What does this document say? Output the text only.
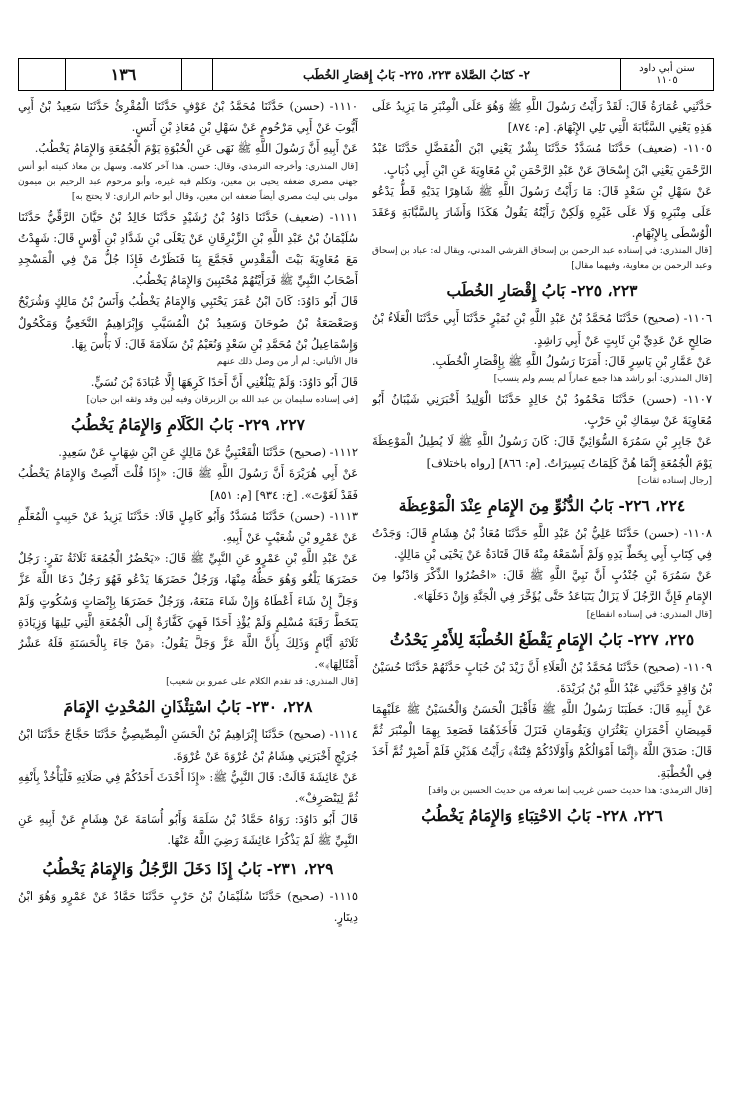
١٣٦	٢- كتَابُ الصَّلاة ٢٢٣، ٢٢٥- بَابُ إِقصَارِ الخُطَب	سنن أبي داود
١١٠٥

حَدَّثَنِي عُمَارَةُ قَالَ: لَقَدْ رَأَيْتُ رَسُولَ اللَّهِ ﷺ وَهُوَ عَلَى الْمِنْبَرِ مَا يَزِيدُ عَلَى هَذِهِ يَعْنِي السَّبَّابَةَ الَّتِي تَلِي الإِبْهَامَ. [م: ٨٧٤]

١١٠٥- (ضعيف) حَدَّثَنَا مُسَدَّدٌ حَدَّثَنَا بِشْرٌ يَعْنِي ابْنَ الْمُفَضَّلِ حَدَّثَنَا عَبْدُ الرَّحْمَنِ يَعْنِي ابْنَ إِسْحَاقَ عَنْ عَبْدِ الرَّحْمَنِ بْنِ مُعَاوِيَةَ عَنِ ابْنِ أَبِي ذُبَابٍ.

عَنْ سَهْلِ بْنِ سَعْدٍ قَالَ: مَا رَأَيْتُ رَسُولَ اللَّهِ ﷺ شَاهِرًا يَدَيْهِ قَطُّ يَدْعُو عَلَى مِنْبَرِهِ وَلَا عَلَى غَيْرِهِ وَلَكِنْ رَأَيْتُهُ يَقُولُ هَكَذَا وَأَشَارَ بِالسَّبَّابَةِ وَعَقَدَ الْوُسْطَى بِالإِبْهَامِ.

[قال المنذري: في إسناده عبد الرحمن بن إسحاق القرشي المدني، ويقال له: عباد بن إسحاق وعبد الرحمن بن معاوية، وفيهما مقال]

٢٢٣، ٢٢٥- بَابُ إِقْصَارِ الخُطَب

١١٠٦- (صحيح) حَدَّثَنَا مُحَمَّدُ بْنُ عَبْدِ اللَّهِ بْنِ نُمَيْرٍ حَدَّثَنَا أَبِي حَدَّثَنَا الْعَلَاءُ بْنُ صَالِحٍ عَنْ عَدِيِّ بْنِ ثَابِتٍ عَنْ أَبِي رَاشِدٍ.

عَنْ عَمَّارِ بْنِ يَاسِرٍ قَالَ: أَمَرَنَا رَسُولُ اللَّهِ ﷺ بِإِقْصَارِ الْخُطَبِ.

[قال المنذري: أبو راشد هذا جمع عماراً لم يسم ولم ينسب]

١١٠٧- (حسن) حَدَّثَنَا مَحْمُودُ بْنُ خَالِدٍ حَدَّثَنَا الْوَلِيدُ أَخْبَرَنِي شَيْبَانُ أَبُو مُعَاوِيَةَ عَنْ سِمَاكِ بْنِ حَرْبٍ.

عَنْ جَابِرِ بْنِ سَمُرَةَ السُّوَائِيِّ قَالَ: كَانَ رَسُولُ اللَّهِ ﷺ لَا يُطِيلُ الْمَوْعِظَةَ يَوْمَ الْجُمُعَةِ إِنَّمَا هُنَّ كَلِمَاتٌ يَسِيرَاتٌ. [م: ٨٦٦] [رواه باختلاف]

[رجال إسناده ثقات]

٢٢٤، ٢٢٦- بَابُ الدُّنُوِّ مِنَ الإِمَامِ عِنْدَ الْمَوْعِظَة

١١٠٨- (حسن) حَدَّثَنَا عَلِيُّ بْنُ عَبْدِ اللَّهِ حَدَّثَنَا مُعَاذُ بْنُ هِشَامٍ قَالَ: وَجَدْتُ فِي كِتَابِ أَبِي بِخَطِّ يَدِهِ وَلَمْ أَسْمَعْهُ مِنْهُ قَالَ قَتَادَةُ عَنْ يَحْيَى بْنِ مَالِكٍ.

عَنْ سَمُرَةَ بْنِ جُنْدُبٍ أَنَّ نَبِيَّ اللَّهِ ﷺ قَالَ: «احْضُرُوا الذِّكْرَ وَادْنُوا مِنَ الإِمَامِ فَإِنَّ الرَّجُلَ لَا يَزَالُ يَتَبَاعَدُ حَتَّى يُؤَخَّرَ فِي الْجَنَّةِ وَإِنْ دَخَلَهَا».

[قال المنذري: في إسناده انقطاع]

٢٢٥، ٢٢٧- بَابُ الإِمَامِ يَقْطَعُ الخُطْبَةَ لِلأَمْرِ يَحْدُثُ

١١٠٩- (صحيح) حَدَّثَنَا مُحَمَّدُ بْنُ الْعَلَاءِ أَنَّ زَيْدَ بْنَ حُبَابٍ حَدَّثَهُمْ حَدَّثَنَا حُسَيْنُ بْنُ وَاقِدٍ حَدَّثَنِي عَبْدُ اللَّهِ بْنُ بُرَيْدَةَ.

عَنْ أَبِيهِ قَالَ: خَطَبَنَا رَسُولُ اللَّهِ ﷺ فَأَقْبَلَ الْحَسَنُ وَالْحُسَيْنُ ﷺ عَلَيْهِمَا قَمِيصَانِ أَحْمَرَانِ يَعْثُرَانِ وَيَقُومَانِ فَنَزَلَ فَأَخَذَهُمَا فَصَعِدَ بِهِمَا الْمِنْبَرَ ثُمَّ قَالَ: صَدَقَ اللَّهُ ﴿إِنَّمَا أَمْوَالُكُمْ وَأَوْلَادُكُمْ فِتْنَةٌ﴾ رَأَيْتُ هَذَيْنِ فَلَمْ أَصْبِرْ ثُمَّ أَخَذَ فِي الْخُطْبَةِ.

[قال الترمذي: هذا حديث حسن غريب إنما نعرفه من حديث الحسين بن واقد]

٢٢٦، ٢٢٨- بَابُ الاحْتِبَاءِ وَالإِمَامُ يَخْطُبُ

١١١٠- (حسن) حَدَّثَنَا مُحَمَّدُ بْنُ عَوْفٍ حَدَّثَنَا الْمُقْرِئُ حَدَّثَنَا سَعِيدُ بْنُ أَبِي أَيُّوبَ عَنْ أَبِي مَرْحُومٍ عَنْ سَهْلِ بْنِ مُعَاذِ بْنِ أَنَسٍ.

عَنْ أَبِيهِ أَنَّ رَسُولَ اللَّهِ ﷺ نَهَى عَنِ الْحُبْوَةِ يَوْمَ الْجُمُعَةِ وَالإِمَامُ يَخْطُبُ.

[قال المنذري: وأخرجه الترمذي، وقال: حسن. هذا آخر كلامه. وسهل بن معاذ كنيته أبو أنس جهني مصري ضعفه يحيى بن معين، وتكلم فيه غيره، وأبو مرحوم عبد الرحيم بن ميمون مولى بني ليث مصري أيضاً ضعفه ابن معين، وقال أبو حاتم الرازي: لا يحتج به]

١١١١- (ضعيف) حَدَّثَنَا دَاوُدُ بْنُ رُشَيْدٍ حَدَّثَنَا خَالِدُ بْنُ حَيَّانَ الرَّقِّيُّ حَدَّثَنَا سُلَيْمَانُ بْنُ عَبْدِ اللَّهِ بْنِ الزِّبْرِقَانِ عَنْ يَعْلَى بْنِ شَدَّادِ بْنِ أَوْسٍ قَالَ: شَهِدْتُ مَعَ مُعَاوِيَةَ بَيْتَ الْمَقْدِسِ فَجَمَّعَ بِنَا فَنَظَرْتُ فَإِذَا جُلُّ مَنْ فِي الْمَسْجِدِ أَصْحَابُ النَّبِيِّ ﷺ فَرَأَيْتُهُمْ مُحْتَبِينَ وَالإِمَامُ يَخْطُبُ.

قَالَ أَبُو دَاوُدَ: كَانَ ابْنُ عُمَرَ يَحْتَبِي وَالإِمَامُ يَخْطُبُ وَأَنَسُ بْنُ مَالِكٍ وَشُرَيْحٌ وَصَعْصَعَةُ بْنُ صُوحَانَ وَسَعِيدُ بْنُ الْمُسَيَّبِ وَإِبْرَاهِيمُ النَّخَعِيُّ وَمَكْحُولٌ وَإِسْمَاعِيلُ بْنُ مُحَمَّدِ بْنِ سَعْدٍ وَنُعَيْمُ بْنُ سَلَامَةَ قَالَ: لَا بَأْسَ بِهَا.

قال الألباني: لم أر من وصل ذلك عنهم

قَالَ أَبُو دَاوُدَ: وَلَمْ يَبْلُغْنِي أَنَّ أَحَدًا كَرِهَهَا إِلَّا عُبَادَةَ بْنَ نُسَيٍّ.

[في إسناده سليمان بن عبد الله بن الزبرقان وفيه لين وقد وثقه ابن حبان]

٢٢٧، ٢٢٩- بَابُ الكَلَامِ وَالإِمَامُ يَخْطُبُ

١١١٢- (صحيح) حَدَّثَنَا الْقَعْنَبِيُّ عَنْ مَالِكٍ عَنِ ابْنِ شِهَابٍ عَنْ سَعِيدٍ.

عَنْ أَبِي هُرَيْرَةَ أَنَّ رَسُولَ اللَّهِ ﷺ قَالَ: «إِذَا قُلْتَ أَنْصِتْ وَالإِمَامُ يَخْطُبُ فَقَدْ لَغَوْتَ». [خ: ٩٣٤] [م: ٨٥١]

١١١٣- (حسن) حَدَّثَنَا مُسَدَّدٌ وَأَبُو كَامِلٍ قَالَا: حَدَّثَنَا يَزِيدُ عَنْ حَبِيبٍ الْمُعَلِّمِ عَنْ عَمْرِو بْنِ شُعَيْبٍ عَنْ أَبِيهِ.

عَنْ عَبْدِ اللَّهِ بْنِ عَمْرٍو عَنِ النَّبِيِّ ﷺ قَالَ: «يَحْضُرُ الْجُمُعَةَ ثَلَاثَةُ نَفَرٍ: رَجُلٌ حَضَرَهَا يَلْغُو وَهُوَ حَظُّهُ مِنْهَا، وَرَجُلٌ حَضَرَهَا يَدْعُو فَهُوَ رَجُلٌ دَعَا اللَّهَ عَزَّ وَجَلَّ إِنْ شَاءَ أَعْطَاهُ وَإِنْ شَاءَ مَنَعَهُ، وَرَجُلٌ حَضَرَهَا بِإِنْصَاتٍ وَسُكُوتٍ وَلَمْ يَتَخَطَّ رَقَبَةَ مُسْلِمٍ وَلَمْ يُؤْذِ أَحَدًا فَهِيَ كَفَّارَةٌ إِلَى الْجُمُعَةِ الَّتِي تَلِيهَا وَزِيَادَةِ ثَلَاثَةِ أَيَّامٍ وَذَلِكَ بِأَنَّ اللَّهَ عَزَّ وَجَلَّ يَقُولُ: ﴿مَنْ جَاءَ بِالْحَسَنَةِ فَلَهُ عَشْرُ أَمْثَالِهَا﴾».

[قال المنذري: قد تقدم الكلام على عمرو بن شعيب]

٢٢٨، ٢٣٠- بَابُ اسْتِئْذَانِ المُحْدِثِ الإِمَامَ

١١١٤- (صحيح) حَدَّثَنَا إِبْرَاهِيمُ بْنُ الْحَسَنِ الْمِصِّيصِيُّ حَدَّثَنَا حَجَّاجٌ حَدَّثَنَا ابْنُ جُرَيْجٍ أَخْبَرَنِي هِشَامُ بْنُ عُرْوَةَ عَنْ عُرْوَةَ.

عَنْ عَائِشَةَ قَالَتْ: قَالَ النَّبِيُّ ﷺ: «إِذَا أَحْدَثَ أَحَدُكُمْ فِي صَلَاتِهِ فَلْيَأْخُذْ بِأَنْفِهِ ثُمَّ لِيَنْصَرِفْ».

قَالَ أَبُو دَاوُدَ: رَوَاهُ حَمَّادُ بْنُ سَلَمَةَ وَأَبُو أُسَامَةَ عَنْ هِشَامٍ عَنْ أَبِيهِ عَنِ النَّبِيِّ ﷺ لَمْ يَذْكُرَا عَائِشَةَ رَضِيَ اللَّهُ عَنْهَا.

٢٢٩، ٢٣١- بَابُ إِذَا دَخَلَ الرَّجُلُ وَالإِمَامُ يَخْطُبُ

١١١٥- (صحيح) حَدَّثَنَا سُلَيْمَانُ بْنُ حَرْبٍ حَدَّثَنَا حَمَّادٌ عَنْ عَمْرٍو وَهُوَ ابْنُ دِينَارٍ.
